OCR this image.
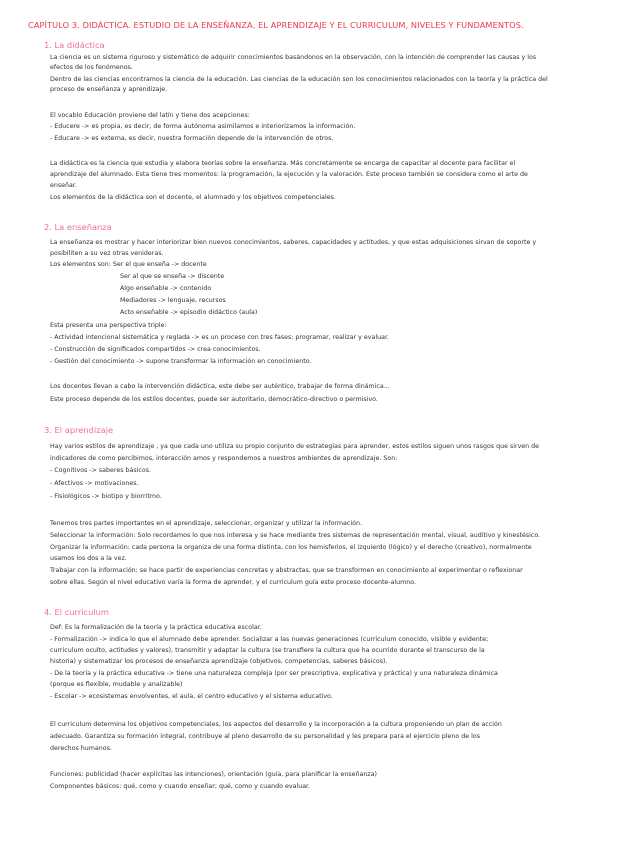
CAPÍTULO 3. DIDÁCTICA. ESTUDIO DE LA ENSEÑANZA, EL APRENDIZAJE Y EL CURRICULUM, NIVELES Y FUNDAMENTOS.
1. La didáctica
La ciencia es un sistema riguroso y sistemático de adquirir conocimientos basándonos en la observación, con la intención de comprender las causas y los
efectos de los fenómenos.
Dentro de las ciencias encontramos la ciencia de la educación. Las ciencias de la educación son los conocimientos relacionados con la teoría y la práctica del
proceso de enseñanza y aprendizaje.
El vocablo Educación proviene del latín y tiene dos acepciones:
- Educere -> es propia, es decir, de forma autónoma asimilamos e interiorizamos la información.
- Educare -> es externa, es decir, nuestra formación depende de la intervención de otros.
La didáctica es la ciencia que estudia y elabora teorías sobre la enseñanza. Más concretamente se encarga de capacitar al docente para facilitar el
aprendizaje del alumnado. Esta tiene tres momentos: la programación, la ejecución y la valoración. Este proceso también se considera como el arte de
enseñar.
Los elementos de la didáctica son el docente, el alumnado y los objetivos competenciales.
2. La enseñanza
La enseñanza es mostrar y hacer interiorizar bien nuevos conocimientos, saberes, capacidades y actitudes, y que estas adquisiciones sirvan de soporte y
posibiliten a su vez otras venideras.
Los elementos son: Ser el que enseña -> docente
Ser al que se enseña -> discente
Algo enseñable -> contenido
Mediadores -> lenguaje, recursos
Acto enseñable -> episodio didáctico (aula)
Esta presenta una perspectiva triple:
- Actividad intencional sistemática y reglada -> es un proceso con tres fases: programar, realizar y evaluar.
- Construcción de significados compartidos -> crea conocimientos.
- Gestión del conocimiento -> supone transformar la información en conocimiento.
Los docentes llevan a cabo la intervención didáctica, este debe ser auténtico, trabajar de forma dinámica...
Este proceso depende de los estilos docentes, puede ser autoritario, democrático-directivo o permisivo.
3. El aprendizaje
Hay varios estilos de aprendizaje , ya que cada uno utiliza su propio conjunto de estrategias para aprender, estos estilos siguen unos rasgos que sirven de
indicadores de como percibimos, interacción amos y respondemos a nuestros ambientes de aprendizaje. Son:
- Cognitivos -> saberes básicos.
- Afectivos -> motivaciones.
- Fisiológicos -> biotipo y biorritmo.
Tenemos tres partes importantes en el aprendizaje, seleccionar, organizar y utilizar la información.
Seleccionar la información: Solo recordamos lo que nos interesa y se hace mediante tres sistemas de representación mental, visual, auditivo y kinestésico.
Organizar la información: cada persona la organiza de una forma distinta, con los hemisferios, el izquierdo (lógico) y el derecho (creativo), normalmente
usamos los dos a la vez.
Trabajar con la información: se hace partir de experiencias concretas y abstractas, que se transformen en conocimiento al experimentar o reflexionar
sobre ellas. Según el nivel educativo varía la forma de aprender, y el curriculum guía este proceso docente-alumno.
4. El curriculum
Def: Es la formalización de la teoría y la práctica educativa escolar.
- Formalización -> indica lo que el alumnado debe aprender. Socializar a las nuevas generaciones (curriculum conocido, visible y evidente;
curriculum oculto, actitudes y valores), transmitir y adaptar la cultura (se transfiere la cultura que ha ocurrido durante el transcurso de la
historia) y sistematizar los procesos de enseñanza aprendizaje (objetivos, competencias, saberes básicos).
- De la teoría y la práctica educativa -> tiene una naturaleza compleja (por ser prescriptiva, explicativa y práctica) y una naturaleza dinámica
(porque es flexible, mudable y analizable)
- Escolar -> ecosistemas envolventes, el aula, el centro educativo y el sistema educativo.
El curriculum determina los objetivos competenciales, los aspectos del desarrollo y la incorporación a la cultura proponiendo un plan de acción
adecuado. Garantiza su formación integral, contribuye al pleno desarrollo de su personalidad y les prepara para el ejercicio pleno de los
derechos humanos.
Funciones: publicidad (hacer explícitas las intenciones), orientación (guía, para planificar la enseñanza)
Componentes básicos: qué, como y cuando enseñar; qué, como y cuando evaluar.
